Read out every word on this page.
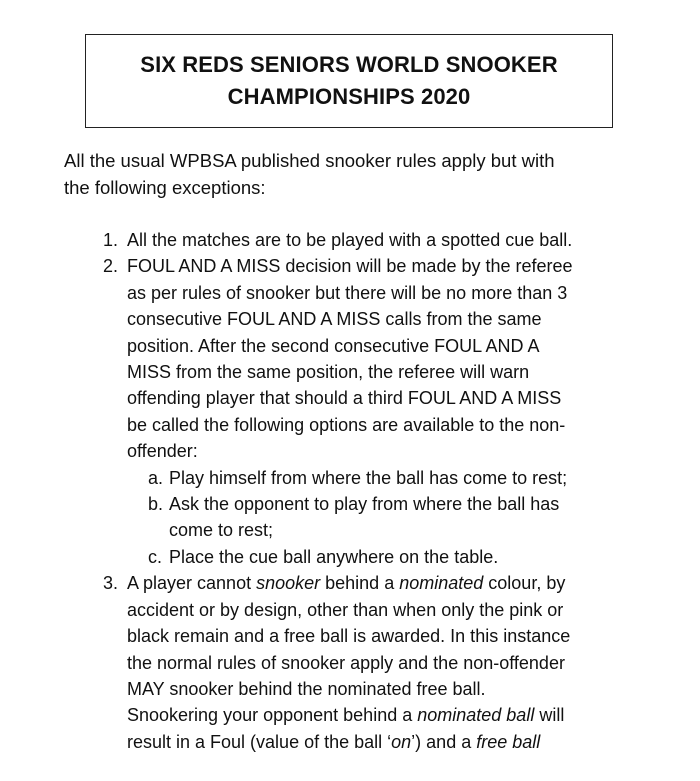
SIX REDS SENIORS WORLD SNOOKER
CHAMPIONSHIPS 2020
All the usual WPBSA published snooker rules apply but with
the following exceptions:
1. All the matches are to be played with a spotted cue ball.
2. FOUL AND A MISS decision will be made by the referee
as per rules of snooker but there will be no more than 3
consecutive FOUL AND A MISS calls from the same
position. After the second consecutive FOUL AND A
MISS from the same position, the referee will warn
offending player that should a third FOUL AND A MISS
be called the following options are available to the non-
offender:
a. Play himself from where the ball has come to rest;
b. Ask the opponent to play from where the ball has
come to rest;
c. Place the cue ball anywhere on the table.
3. A player cannot snooker behind a nominated colour, by
accident or by design, other than when only the pink or
black remain and a free ball is awarded. In this instance
the normal rules of snooker apply and the non-offender
MAY snooker behind the nominated free ball.
Snookering your opponent behind a nominated ball will
result in a Foul (value of the ball ‘on’) and a free ball
